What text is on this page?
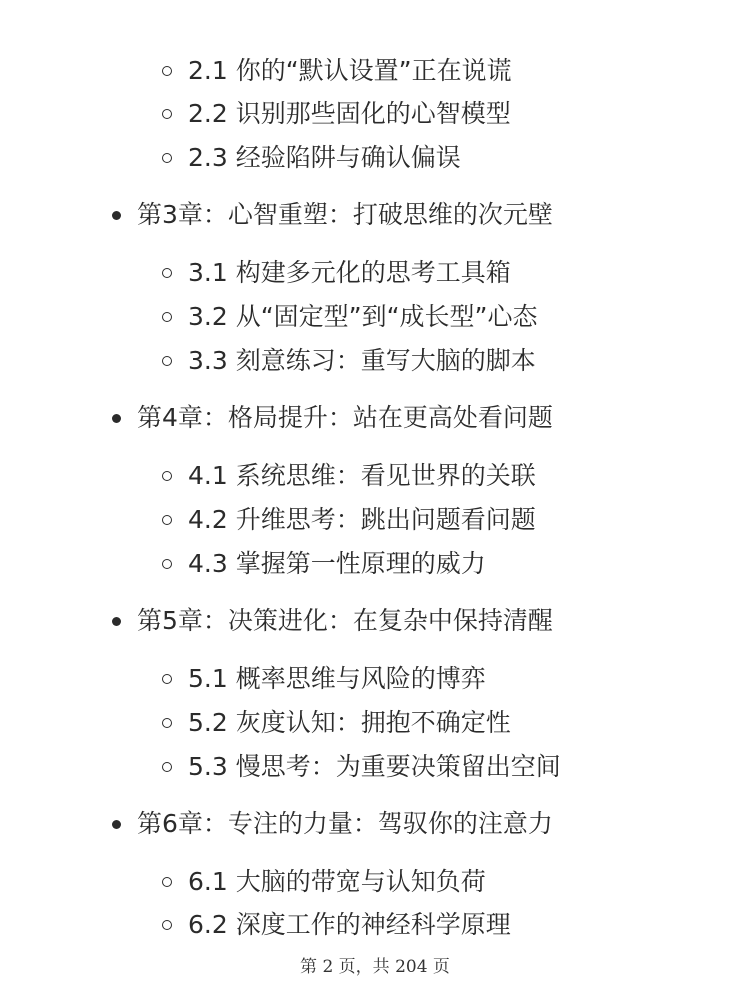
2.1 你的“默认设置”正在说谎
2.2 识别那些固化的心智模型
2.3 经验陷阱与确认偏误
第3章：心智重塑：打破思维的次元壁
3.1 构建多元化的思考工具箱
3.2 从“固定型”到“成长型”心态
3.3 刻意练习：重写大脑的脚本
第4章：格局提升：站在更高处看问题
4.1 系统思维：看见世界的关联
4.2 升维思考：跳出问题看问题
4.3 掌握第一性原理的威力
第5章：决策进化：在复杂中保持清醒
5.1 概率思维与风险的博弈
5.2 灰度认知：拥抱不确定性
5.3 慢思考：为重要决策留出空间
第6章：专注的力量：驾驭你的注意力
6.1 大脑的带宽与认知负荷
6.2 深度工作的神经科学原理
第 2 页，共 204 页
